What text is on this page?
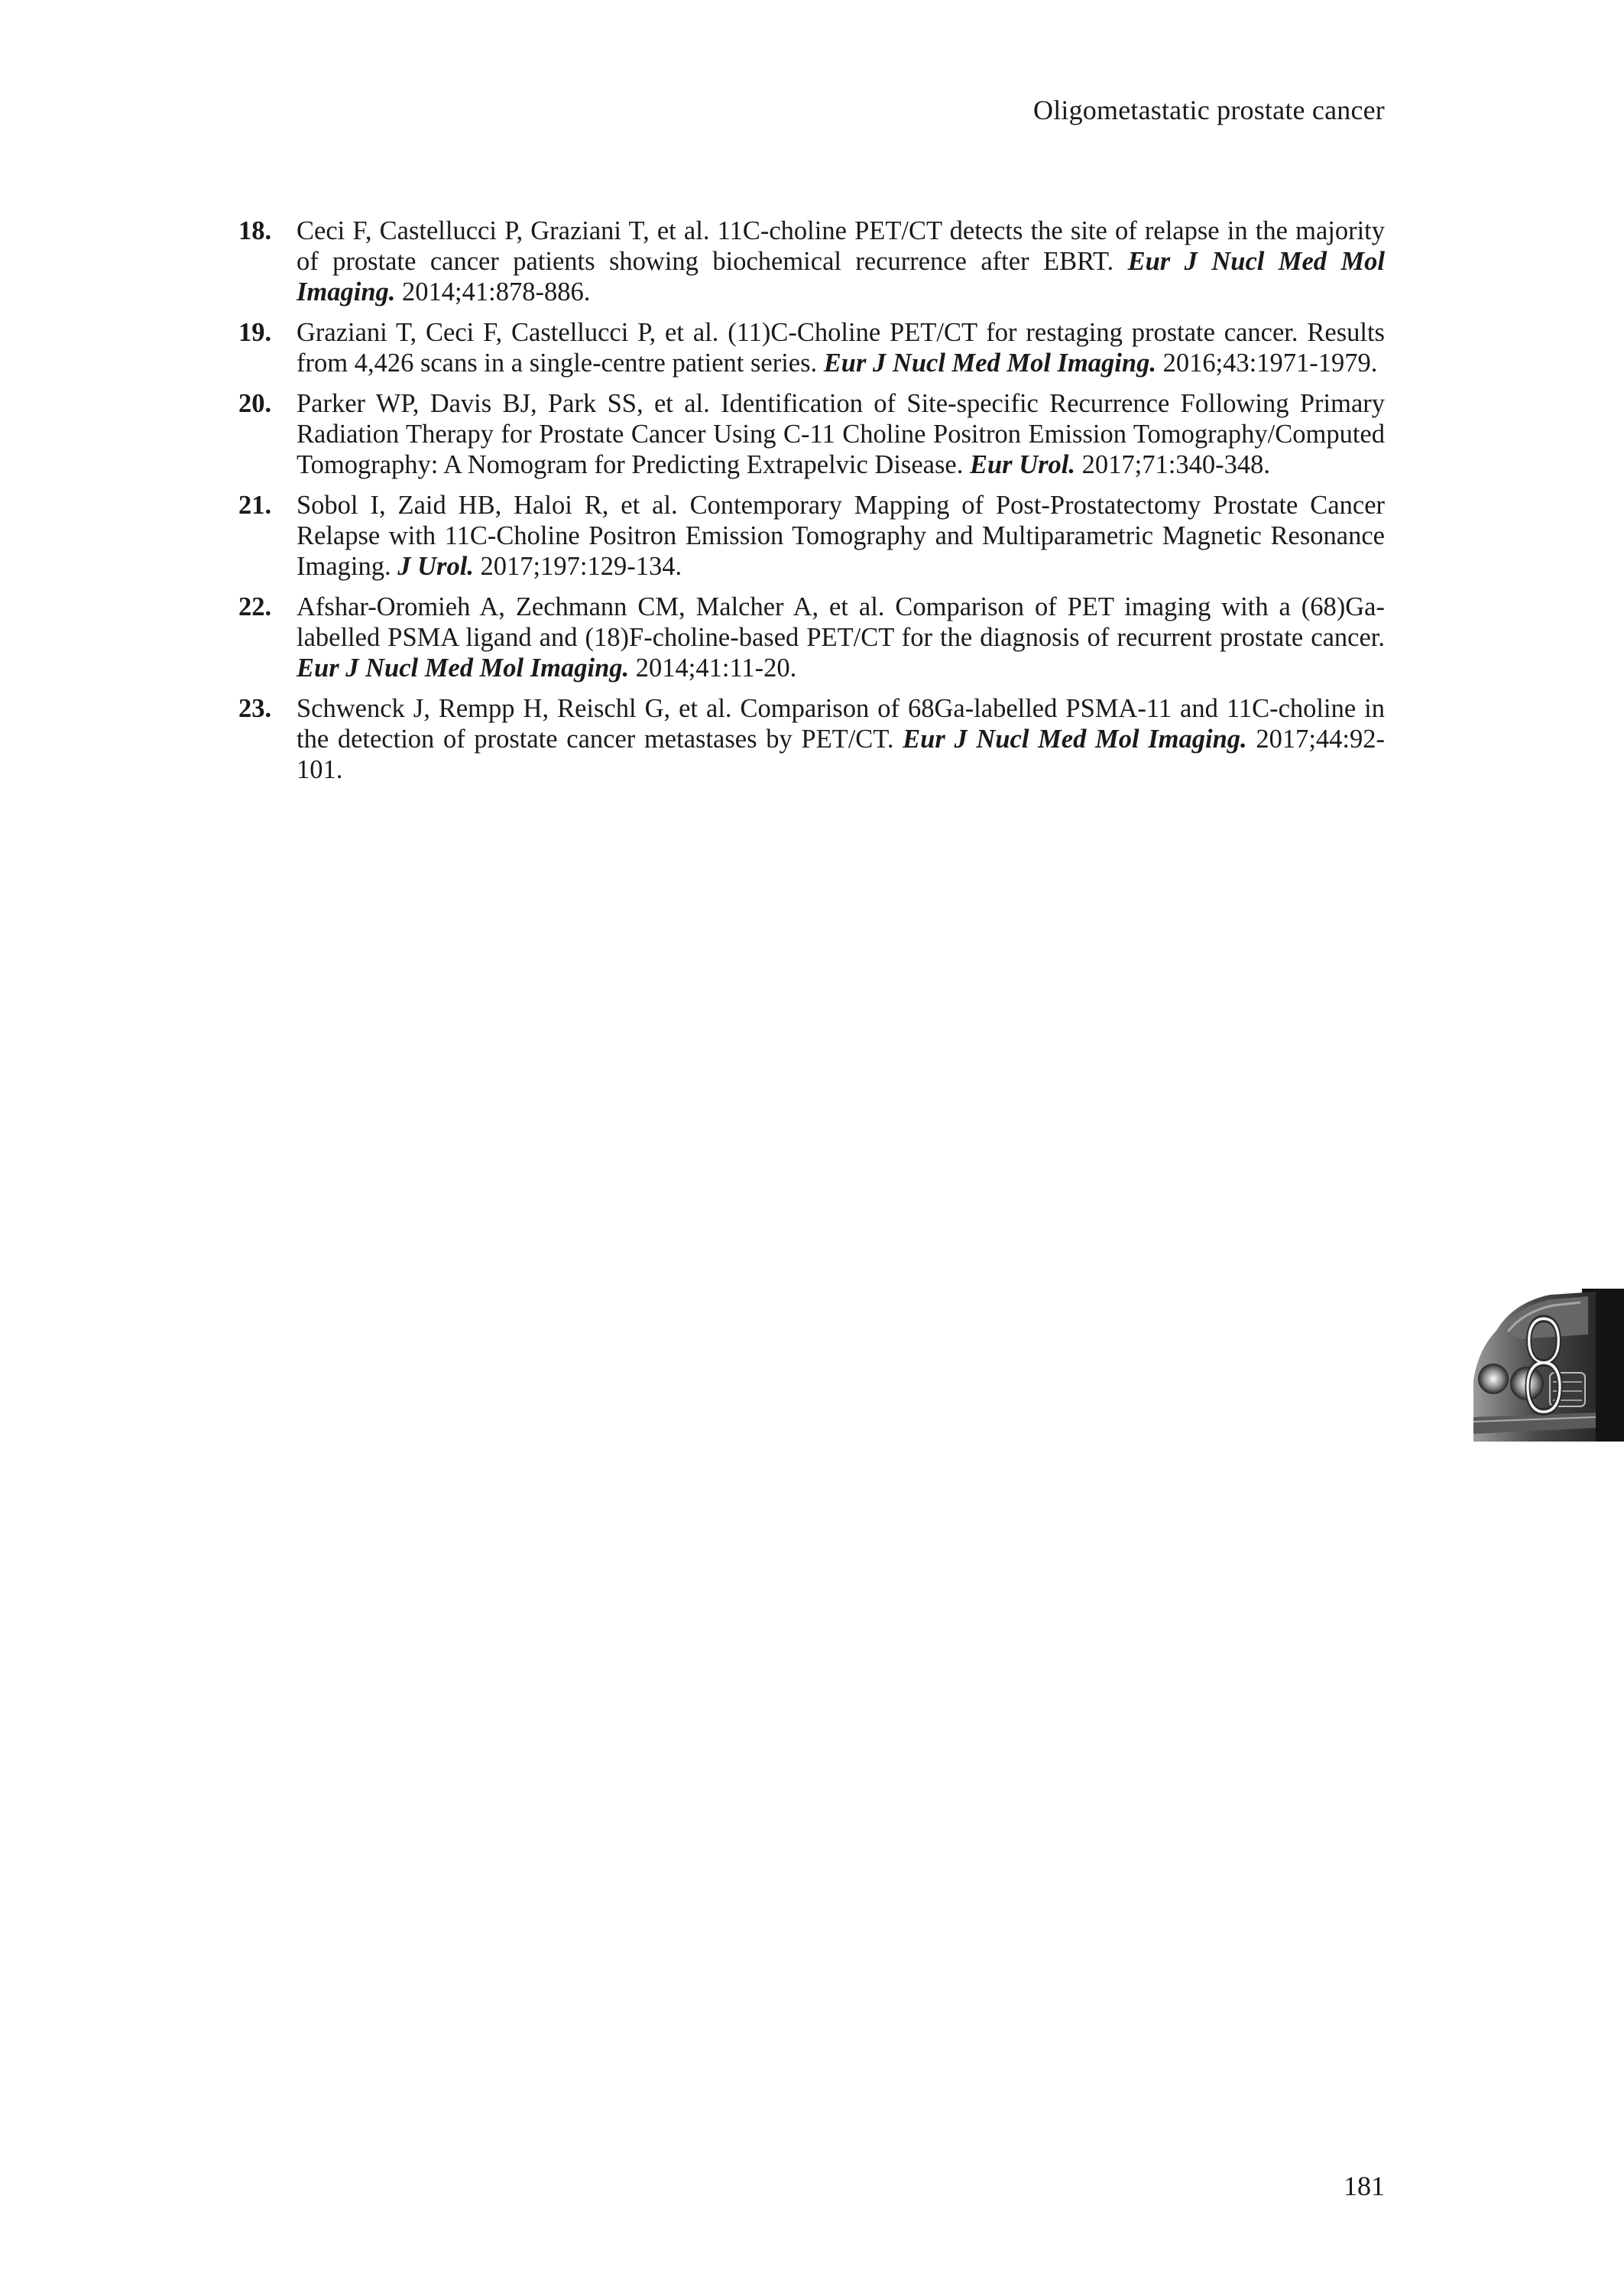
Oligometastatic prostate cancer
18. Ceci F, Castellucci P, Graziani T, et al. 11C-choline PET/CT detects the site of relapse in the majority of prostate cancer patients showing biochemical recurrence after EBRT. Eur J Nucl Med Mol Imaging. 2014;41:878-886.
19. Graziani T, Ceci F, Castellucci P, et al. (11)C-Choline PET/CT for restaging prostate cancer. Results from 4,426 scans in a single-centre patient series. Eur J Nucl Med Mol Imaging. 2016;43:1971-1979.
20. Parker WP, Davis BJ, Park SS, et al. Identification of Site-specific Recurrence Following Primary Radiation Therapy for Prostate Cancer Using C-11 Choline Positron Emission Tomography/Computed Tomography: A Nomogram for Predicting Extrapelvic Disease. Eur Urol. 2017;71:340-348.
21. Sobol I, Zaid HB, Haloi R, et al. Contemporary Mapping of Post-Prostatectomy Prostate Cancer Relapse with 11C-Choline Positron Emission Tomography and Multiparametric Magnetic Resonance Imaging. J Urol. 2017;197:129-134.
22. Afshar-Oromieh A, Zechmann CM, Malcher A, et al. Comparison of PET imaging with a (68)Ga-labelled PSMA ligand and (18)F-choline-based PET/CT for the diagnosis of recurrent prostate cancer. Eur J Nucl Med Mol Imaging. 2014;41:11-20.
23. Schwenck J, Rempp H, Reischl G, et al. Comparison of 68Ga-labelled PSMA-11 and 11C-choline in the detection of prostate cancer metastases by PET/CT. Eur J Nucl Med Mol Imaging. 2017;44:92-101.
8
181
